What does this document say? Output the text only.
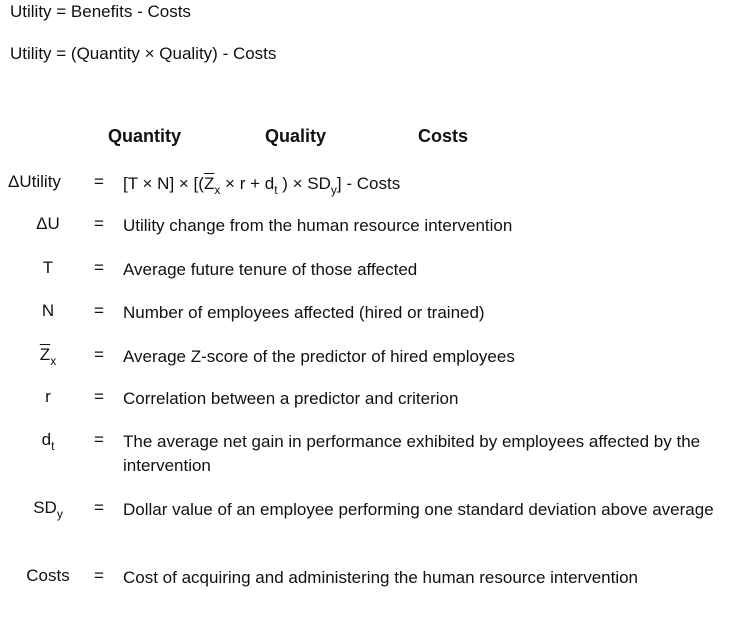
Utility = Benefits - Costs
Utility = (Quantity × Quality) - Costs
Quantity	Quality	Costs
ΔUtility	= $[T \times N] \times [(\overline{Z}_x \times r + d_t$ ) × $SD_y$] - Costs
ΔU	= Utility change from the human resource intervention
T	= Average future tenure of those affected
N	= Number of employees affected (hired or trained)
$\overline{Z}_x$	= Average Z-score of the predictor of hired employees
r	= Correlation between a predictor and criterion
$d_t$	= The average net gain in performance exhibited by employees affected by the intervention
$SD_y$	= Dollar value of an employee performing one standard deviation above average
Costs	= Cost of acquiring and administering the human resource intervention
